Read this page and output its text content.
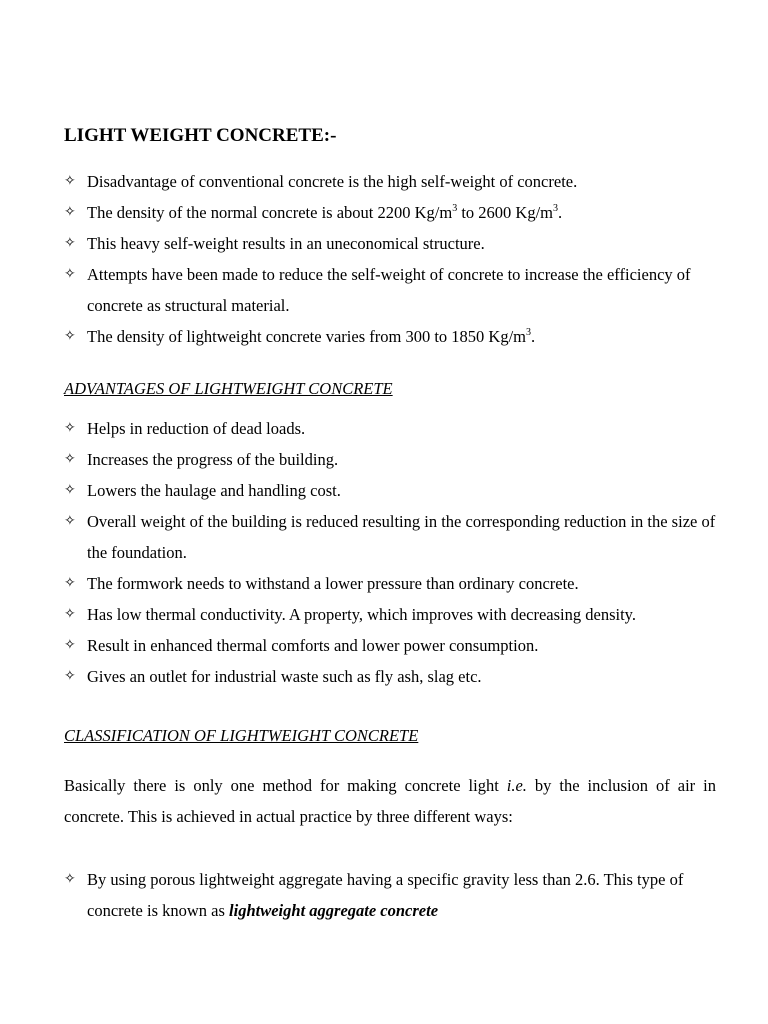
LIGHT WEIGHT CONCRETE:-
✧ Disadvantage of conventional concrete is the high self-weight of concrete.
✧ The density of the normal concrete is about 2200 $Kg/m^3$ to 2600 $Kg/m^3$.
✧ This heavy self-weight results in an uneconomical structure.
✧ Attempts have been made to reduce the self-weight of concrete to increase the efficiency of concrete as structural material.
✧ The density of lightweight concrete varies from 300 to 1850 $Kg/m^3$.
ADVANTAGES OF LIGHTWEIGHT CONCRETE
✧ Helps in reduction of dead loads.
✧ Increases the progress of the building.
✧ Lowers the haulage and handling cost.
✧ Overall weight of the building is reduced resulting in the corresponding reduction in the size of the foundation.
✧ The formwork needs to withstand a lower pressure than ordinary concrete.
✧ Has low thermal conductivity. A property, which improves with decreasing density.
✧ Result in enhanced thermal comforts and lower power consumption.
✧ Gives an outlet for industrial waste such as fly ash, slag etc.
CLASSIFICATION OF LIGHTWEIGHT CONCRETE

Basically there is only one method for making concrete light i.e. by the inclusion of air in concrete. This is achieved in actual practice by three different ways:

✧ By using porous lightweight aggregate having a specific gravity less than 2.6. This type of concrete is known as lightweight aggregate concrete
